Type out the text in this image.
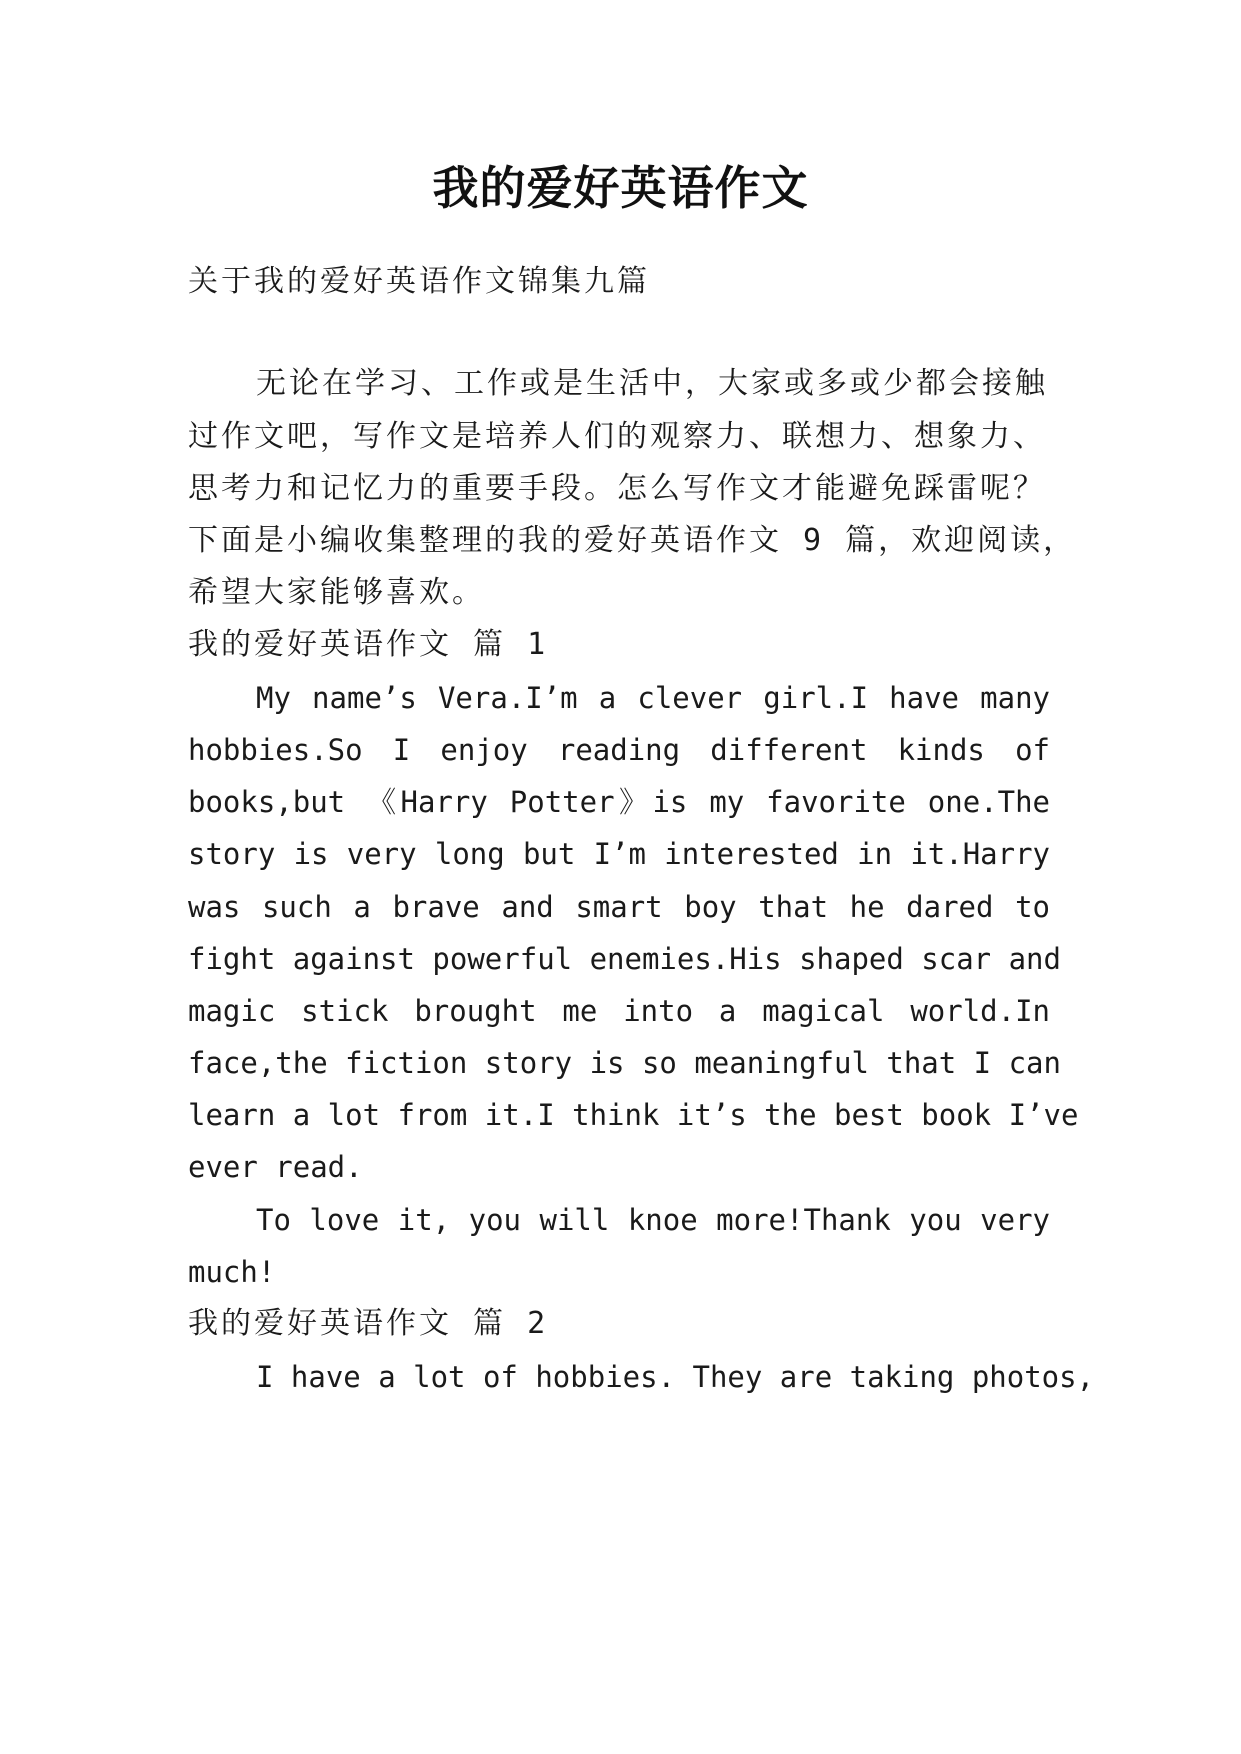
我的爱好英语作文
关于我的爱好英语作文锦集九篇
无论在学习、工作或是生活中，大家或多或少都会接触
过作文吧，写作文是培养人们的观察力、联想力、想象力、
思考力和记忆力的重要手段。怎么写作文才能避免踩雷呢？
下面是小编收集整理的我的爱好英语作文 9 篇，欢迎阅读，
希望大家能够喜欢。
我的爱好英语作文 篇 1
My name’s Vera.I’m a clever girl.I have many
hobbies.So I enjoy reading different kinds of
books,but 《Harry Potter》is my favorite one.The
story is very long but I’m interested in it.Harry
was such a brave and smart boy that he dared to
fight against powerful enemies.His shaped scar and
magic stick brought me into a magical world.In
face,the fiction story is so meaningful that I can
learn a lot from it.I think it’s the best book I’ve
ever read.
To love it, you will knoe more!Thank you very
much!
我的爱好英语作文 篇 2
I have a lot of hobbies. They are taking photos,
